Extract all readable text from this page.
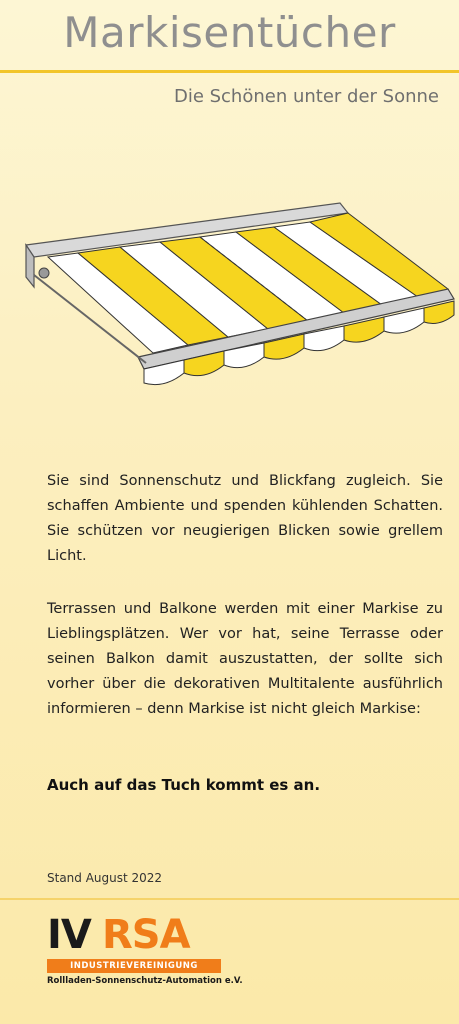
Markisentücher
Die Schönen unter der Sonne
Sie sind Sonnenschutz und Blickfang zugleich. Sie schaffen Ambiente und spenden kühlenden Schatten. Sie schützen vor neugierigen Blicken sowie grellem Licht.
Terrassen und Balkone werden mit einer Markise zu Lieblingsplätzen. Wer vor hat, seine Terrasse oder seinen Balkon damit auszustatten, der sollte sich vorher über die dekorativen Multitalente ausführlich informieren – denn Markise ist nicht gleich Markise:
Auch auf das Tuch kommt es an.
Stand August 2022
IV RSA
INDUSTRIEVEREINIGUNG
Rollladen-Sonnenschutz-Automation e.V.
